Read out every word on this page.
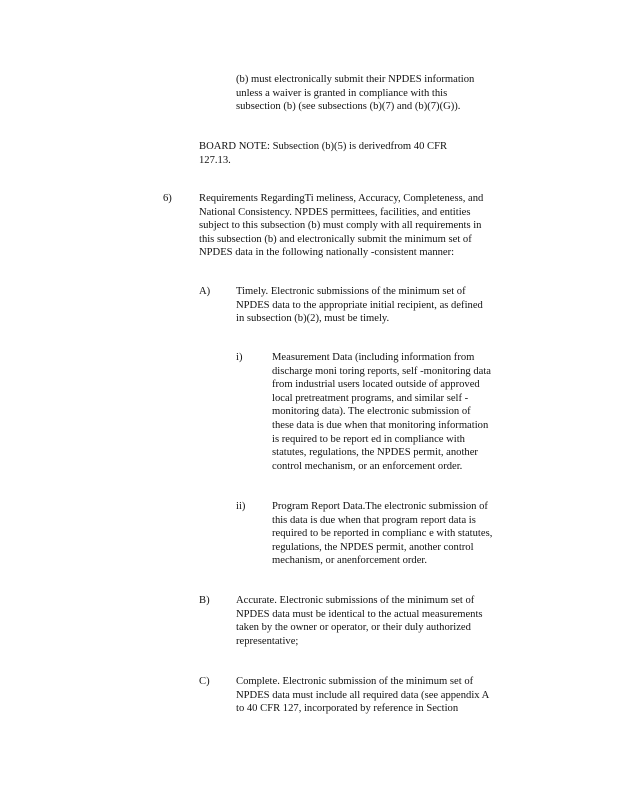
(b) must electronically submit their NPDES information
unless a waiver is granted in compliance with this
subsection (b) (see subsections (b)(7) and (b)(7)(G)).
BOARD NOTE: Subsection (b)(5) is derivedfrom 40 CFR
127.13.
6)	Requirements RegardingTi meliness, Accuracy, Completeness, and
National Consistency. NPDES permittees, facilities, and entities
subject to this subsection (b) must comply with all requirements in
this subsection (b) and electronically submit the minimum set of
NPDES data in the following nationally -consistent manner:
A) Timely. Electronic submissions of the minimum set of
NPDES data to the appropriate initial recipient, as defined
in subsection (b)(2), must be timely.
i)	Measurement Data (including information from
discharge moni toring reports, self -monitoring data
from industrial users located outside of approved
local pretreatment programs, and similar self -
monitoring data). The electronic submission of
these data is due when that monitoring information
is required to be report ed in compliance with
statutes, regulations, the NPDES permit, another
control mechanism, or an enforcement order.
ii)	Program Report Data.The electronic submission of
this data is due when that program report data is
required to be reported in complianc e with statutes,
regulations, the NPDES permit, another control
mechanism, or anenforcement order.
B) Accurate. Electronic submissions of the minimum set of
NPDES data must be identical to the actual measurements
taken by the owner or operator, or their duly authorized
representative;
C) Complete. Electronic submission of the minimum set of
NPDES data must include all required data (see appendix A
to 40 CFR 127, incorporated by reference in Section
